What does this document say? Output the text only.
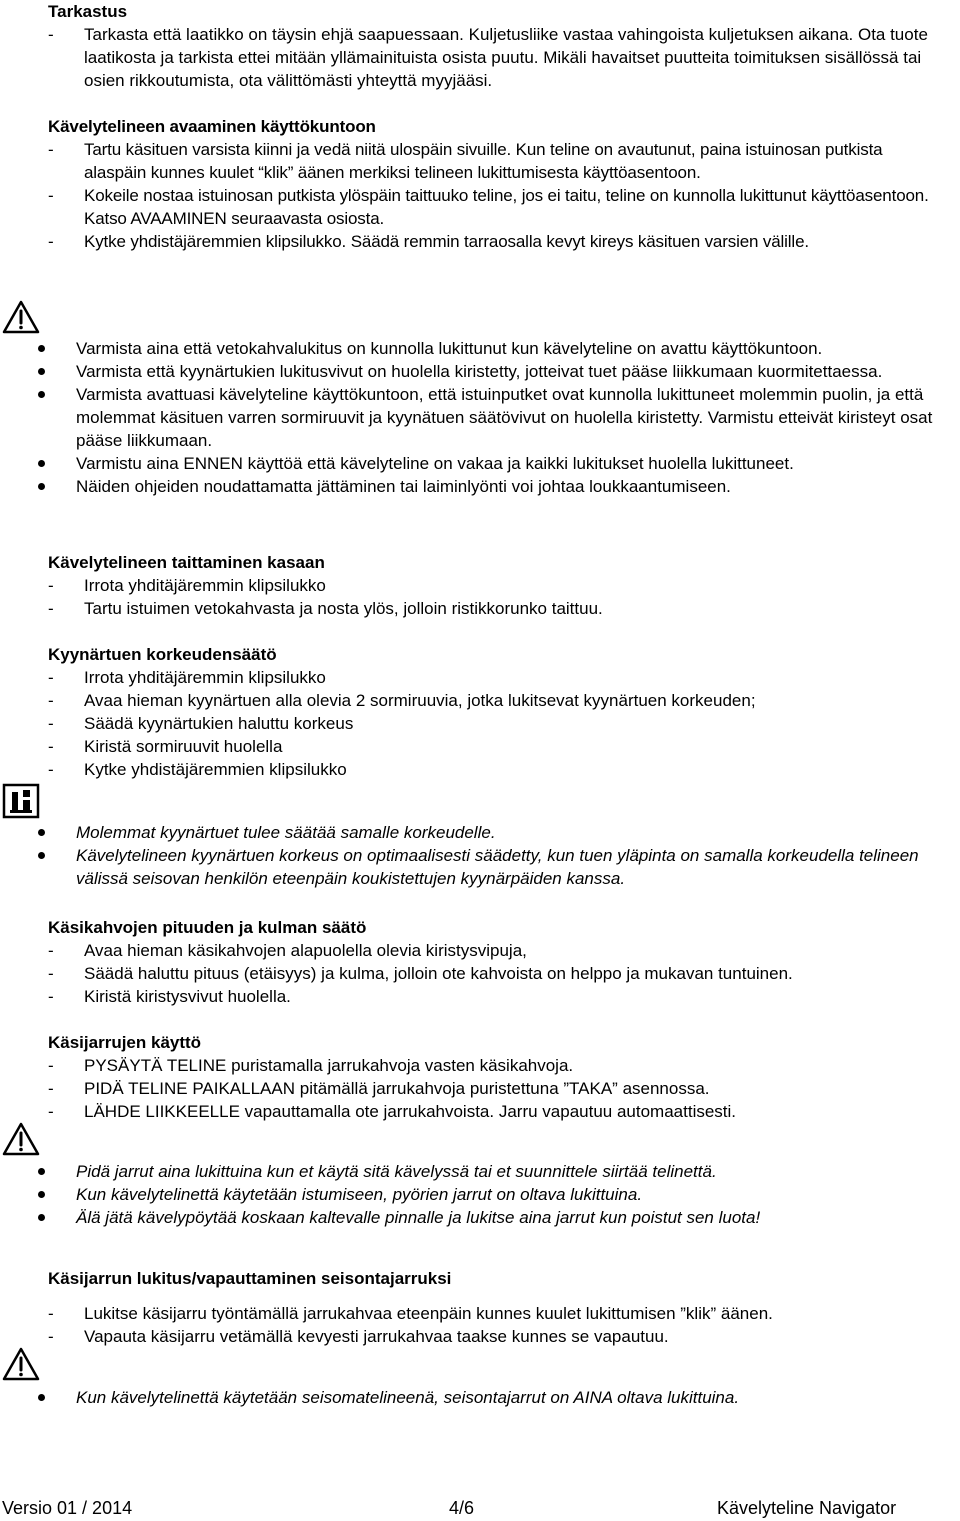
Tarkastus
-	Tarkasta että laatikko on täysin ehjä saapuessaan. Kuljetusliike vastaa vahingoista kuljetuksen aikana. Ota tuote laatikosta ja tarkista ettei mitään yllämainituista osista puutu. Mikäli havaitset puutteita toimituksen sisällössä tai osien rikkoutumista, ota välittömästi yhteyttä myyjääsi.
Kävelytelineen avaaminen käyttökuntoon
-	Tartu käsituen varsista kiinni ja vedä niitä ulospäin sivuille. Kun teline on avautunut, paina istuinosan putkista alaspäin kunnes kuulet “klik” äänen merkiksi telineen lukittumisesta käyttöasentoon.
-	Kokeile nostaa istuinosan putkista ylöspäin taittuuko teline, jos ei taitu, teline on kunnolla lukittunut käyttöasentoon. Katso AVAAMINEN seuraavasta osiosta.
-	Kytke yhdistäjäremmien klipsilukko. Säädä remmin tarraosalla kevyt kireys käsituen varsien välille.
Varmista aina että vetokahvalukitus on kunnolla lukittunut kun kävelyteline on avattu käyttökuntoon.
Varmista että kyynärtukien lukitusvivut on huolella kiristetty, jotteivat tuet pääse liikkumaan kuormitettaessa.
Varmista avattuasi kävelyteline käyttökuntoon, että istuinputket ovat kunnolla lukittuneet molemmin puolin, ja että molemmat käsituen varren sormiruuvit ja kyynätuen säätövivut on huolella kiristetty. Varmistu etteivät kiristeyt osat pääse liikkumaan.
Varmistu aina ENNEN käyttöä että kävelyteline on vakaa ja kaikki lukitukset huolella lukittuneet.
Näiden ohjeiden noudattamatta jättäminen tai laiminlyönti voi johtaa loukkaantumiseen.
Kävelytelineen taittaminen kasaan
-	Irrota yhditäjäremmin klipsilukko
-	Tartu istuimen vetokahvasta ja nosta ylös, jolloin ristikkorunko taittuu.
Kyynärtuen korkeudensäätö
-	Irrota yhditäjäremmin klipsilukko
-	Avaa hieman kyynärtuen alla olevia 2 sormiruuvia, jotka lukitsevat kyynärtuen korkeuden;
-	Säädä kyynärtukien haluttu korkeus
-	Kiristä sormiruuvit huolella
-	Kytke yhdistäjäremmien klipsilukko
Molemmat kyynärtuet tulee säätää samalle korkeudelle.
Kävelytelineen kyynärtuen korkeus on optimaalisesti säädetty, kun tuen yläpinta on samalla korkeudella telineen välissä seisovan henkilön eteenpäin koukistettujen kyynärpäiden kanssa.
Käsikahvojen pituuden ja kulman säätö
-	Avaa hieman käsikahvojen alapuolella olevia kiristysvipuja,
-	Säädä haluttu pituus (etäisyys) ja kulma, jolloin ote kahvoista on helppo ja mukavan tuntuinen.
-	Kiristä kiristysvivut huolella.
Käsijarrujen käyttö
-	PYSÄYTÄ TELINE puristamalla jarrukahvoja vasten käsikahvoja.
-	PIDÄ TELINE PAIKALLAAN pitämällä jarrukahvoja puristettuna ”TAKA” asennossa.
-	LÄHDE LIIKKEELLE vapauttamalla ote jarrukahvoista. Jarru vapautuu automaattisesti.
Pidä jarrut aina lukittuina kun et käytä sitä kävelyssä tai et suunnittele siirtää telinettä.
Kun kävelytelinettä käytetään istumiseen, pyörien jarrut on oltava lukittuina.
Älä jätä kävelypöytää koskaan kaltevalle pinnalle ja lukitse aina jarrut kun poistut sen luota!
Käsijarrun lukitus/vapauttaminen seisontajarruksi
-	Lukitse käsijarru työntämällä jarrukahvaa eteenpäin kunnes kuulet lukittumisen ”klik” äänen.
-	Vapauta käsijarru vetämällä kevyesti jarrukahvaa taakse kunnes se vapautuu.
Kun kävelytelinettä käytetään seisomatelineenä, seisontajarrut on AINA oltava lukittuina.
Versio 01 / 2014	4/6	Kävelyteline Navigator
